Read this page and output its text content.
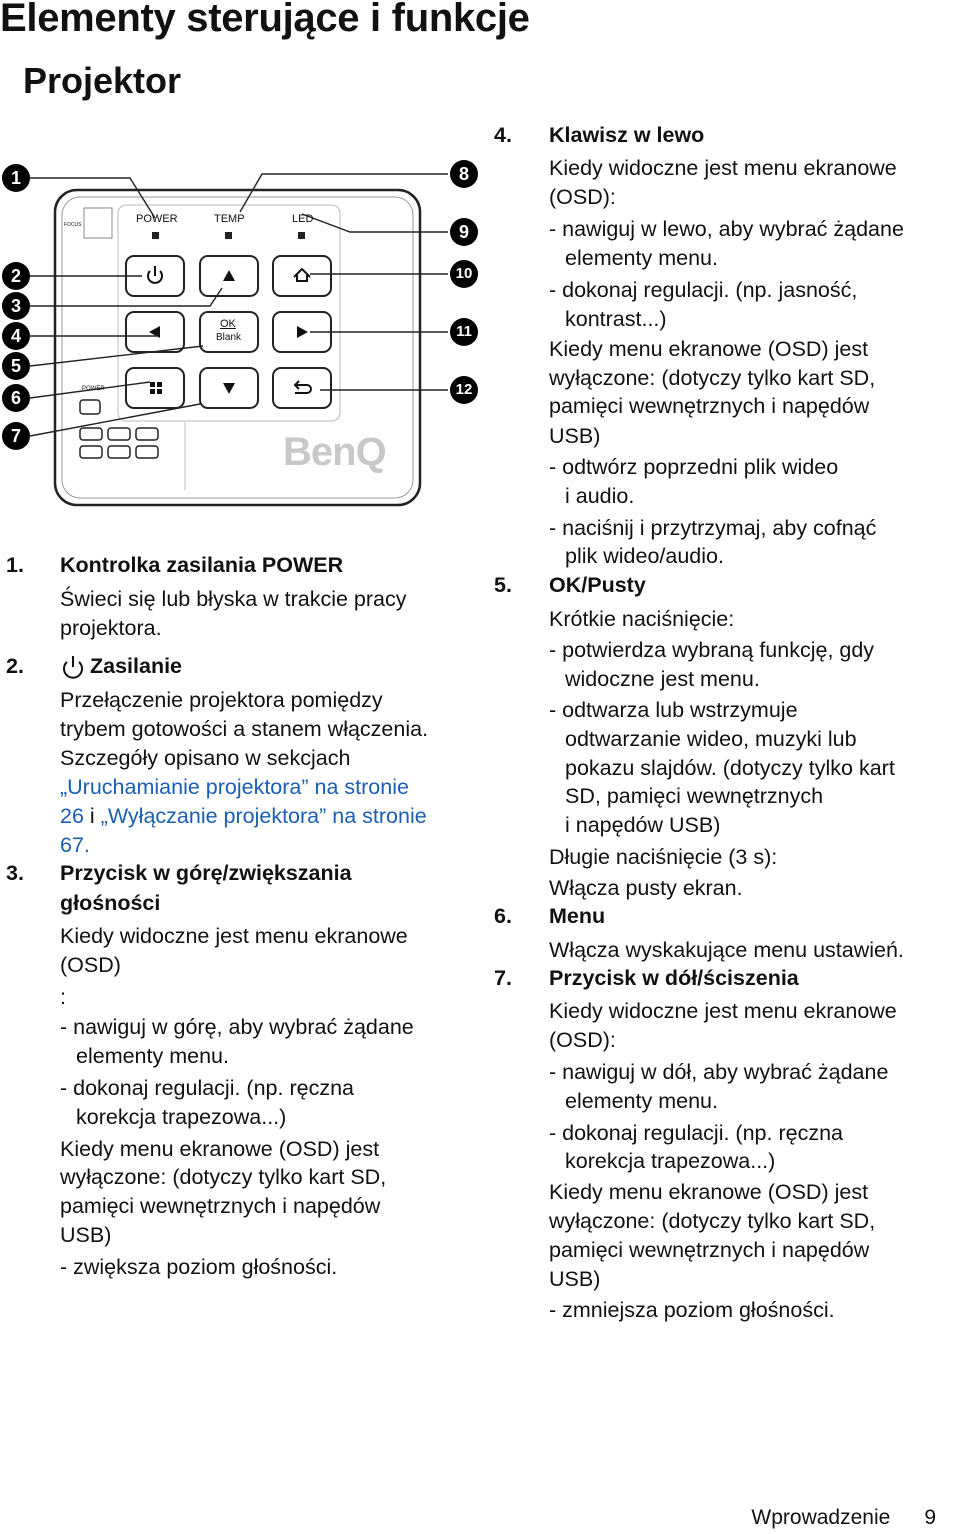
Elementy sterujące i funkcje
Projektor
POWER	TEMP	LED
OK
Blank
POWER
FOCUS
BenQ
1
2
3
4
5
6
7
8
9
10
11
12
1. Kontrolka zasilania POWER
Świeci się lub błyska w trakcie pracy
projektora.
2.	Zasilanie
Przełączenie projektora pomiędzy
trybem gotowości a stanem włączenia.
Szczegóły opisano w sekcjach
„Uruchamianie projektora” na stronie
26 i „Wyłączanie projektora” na stronie
67.
3. Przycisk w górę/zwiększania
głośności
Kiedy widoczne jest menu ekranowe
(OSD)
:
- nawiguj w górę, aby wybrać żądane
elementy menu.
- dokonaj regulacji. (np. ręczna
korekcja trapezowa...)
Kiedy menu ekranowe (OSD) jest
wyłączone: (dotyczy tylko kart SD,
pamięci wewnętrznych i napędów
USB)
- zwiększa poziom głośności.
4. Klawisz w lewo
Kiedy widoczne jest menu ekranowe
(OSD):
- nawiguj w lewo, aby wybrać żądane
elementy menu.
- dokonaj regulacji. (np. jasność,
kontrast...)
Kiedy menu ekranowe (OSD) jest
wyłączone: (dotyczy tylko kart SD,
pamięci wewnętrznych i napędów
USB)
- odtwórz poprzedni plik wideo
i audio.
- naciśnij i przytrzymaj, aby cofnąć
plik wideo/audio.
5. OK/Pusty
Krótkie naciśnięcie:
- potwierdza wybraną funkcję, gdy
widoczne jest menu.
- odtwarza lub wstrzymuje
odtwarzanie wideo, muzyki lub
pokazu slajdów. (dotyczy tylko kart
SD, pamięci wewnętrznych
i napędów USB)
Długie naciśnięcie (3 s):
Włącza pusty ekran.
6. Menu
Włącza wyskakujące menu ustawień.
7. Przycisk w dół/ściszenia
Kiedy widoczne jest menu ekranowe
(OSD):
- nawiguj w dół, aby wybrać żądane
elementy menu.
- dokonaj regulacji. (np. ręczna
korekcja trapezowa...)
Kiedy menu ekranowe (OSD) jest
wyłączone: (dotyczy tylko kart SD,
pamięci wewnętrznych i napędów
USB)
- zmniejsza poziom głośności.
Wprowadzenie 9
